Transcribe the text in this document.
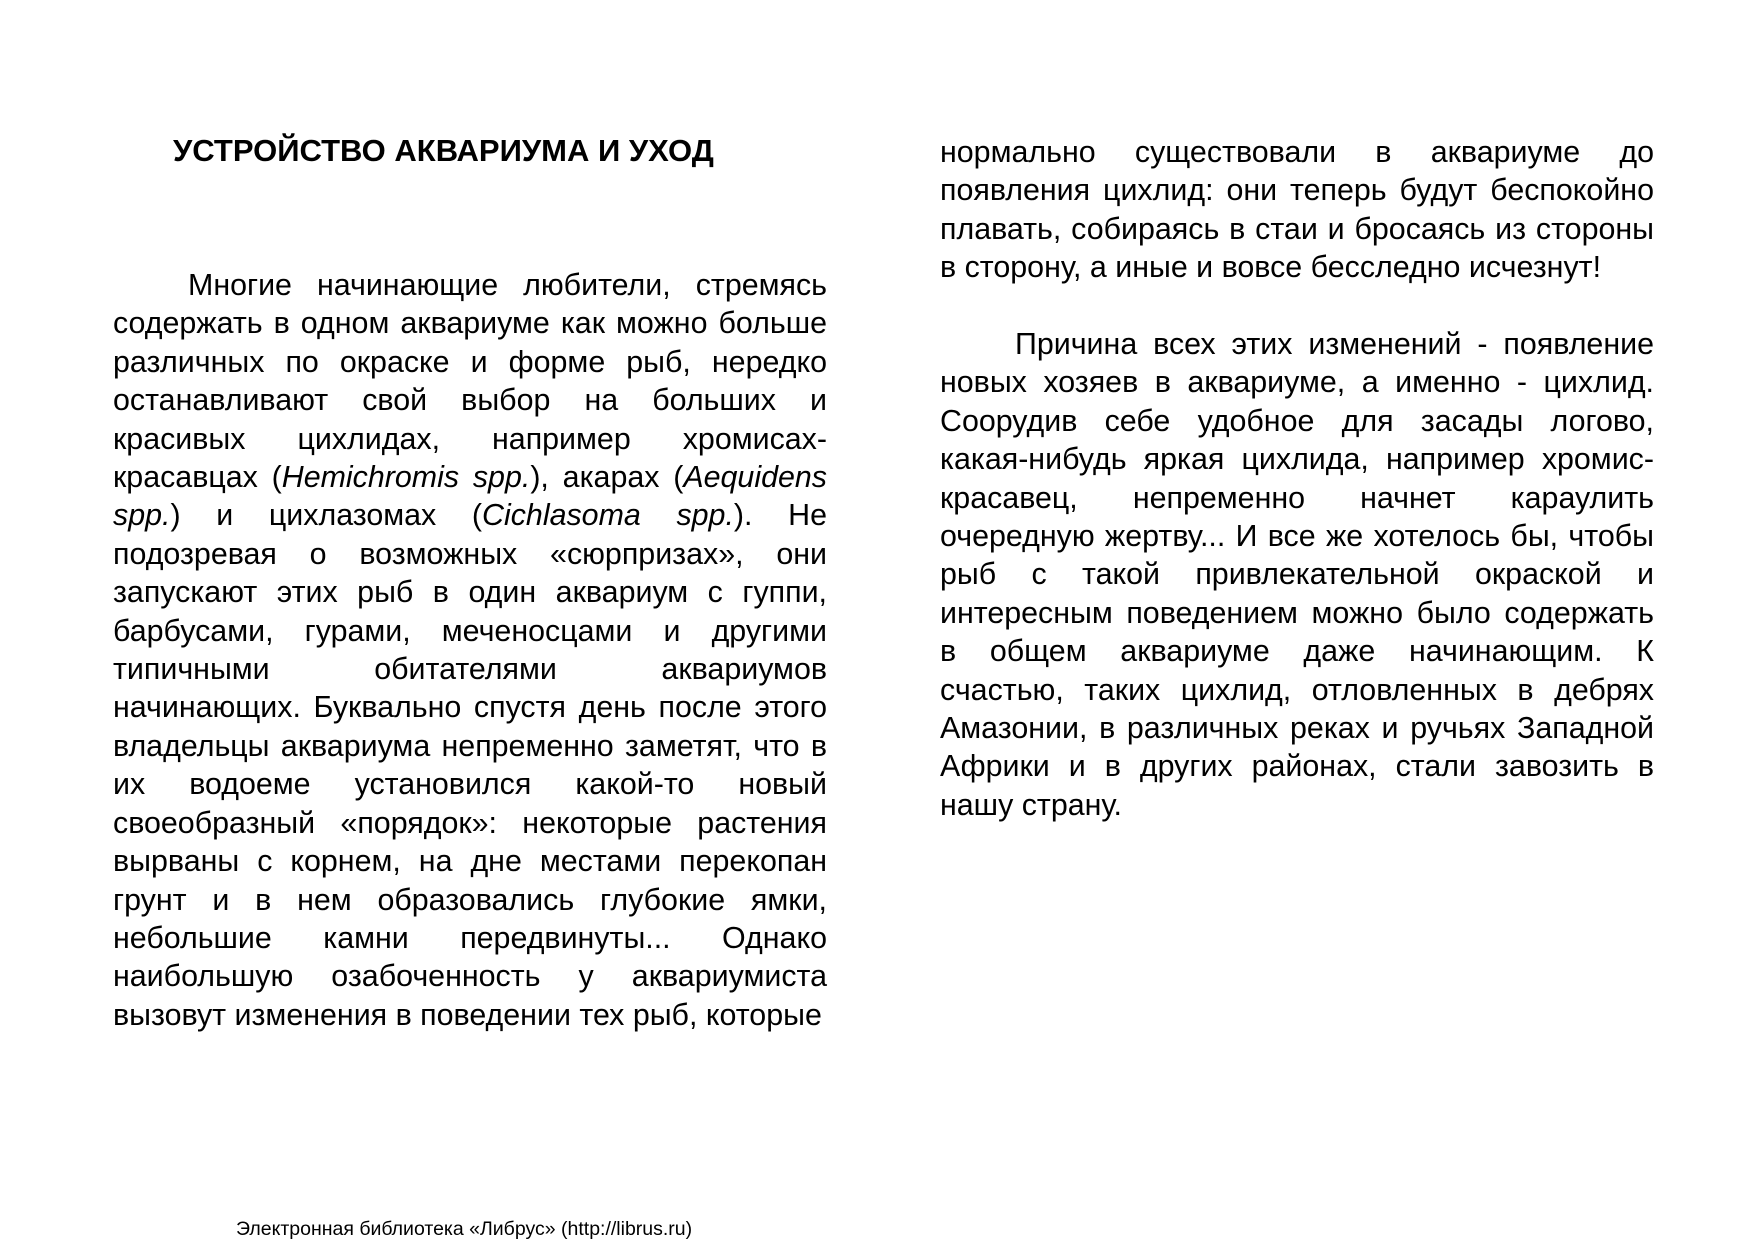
УСТРОЙСТВО АКВАРИУМА И УХОД

Многие начинающие любители, стремясь содержать в одном аквариуме как можно больше различных по окраске и форме рыб, нередко останавливают свой выбор на больших и красивых цихлидах, например хромисах-красавцах (Hemichromis spp.), акарах (Aequidens spp.) и цихлазомах (Cichlasoma spp.). Не подозревая о возможных «сюрпризах», они запускают этих рыб в один аквариум с гуппи, барбусами, гурами, меченосцами и другими типичными обитателями аквариумов начинающих. Буквально спустя день после этого владельцы аквариума непременно заметят, что в их водоеме установился какой-то новый своеобразный «порядок»: некоторые растения вырваны с корнем, на дне местами перекопан грунт и в нем образовались глубокие ямки, небольшие камни передвинуты... Однако наибольшую озабоченность у аквариумиста вызовут изменения в поведении тех рыб, которые

нормально существовали в аквариуме до появления цихлид: они теперь будут беспокойно плавать, собираясь в стаи и бросаясь из стороны в сторону, а иные и вовсе бесследно исчезнут!

Причина всех этих изменений - появление новых хозяев в аквариуме, а именно - цихлид. Соорудив себе удобное для засады логово, какая-нибудь яркая цихлида, например хромис-красавец, непременно начнет караулить очередную жертву... И все же хотелось бы, чтобы рыб с такой привлекательной окраской и интересным поведением можно было содержать в общем аквариуме даже начинающим. К счастью, таких цихлид, отловленных в дебрях Амазонии, в различных реках и ручьях Западной Африки и в других районах, стали завозить в нашу страну.

Электронная библиотека «Либрус» (http://librus.ru)
